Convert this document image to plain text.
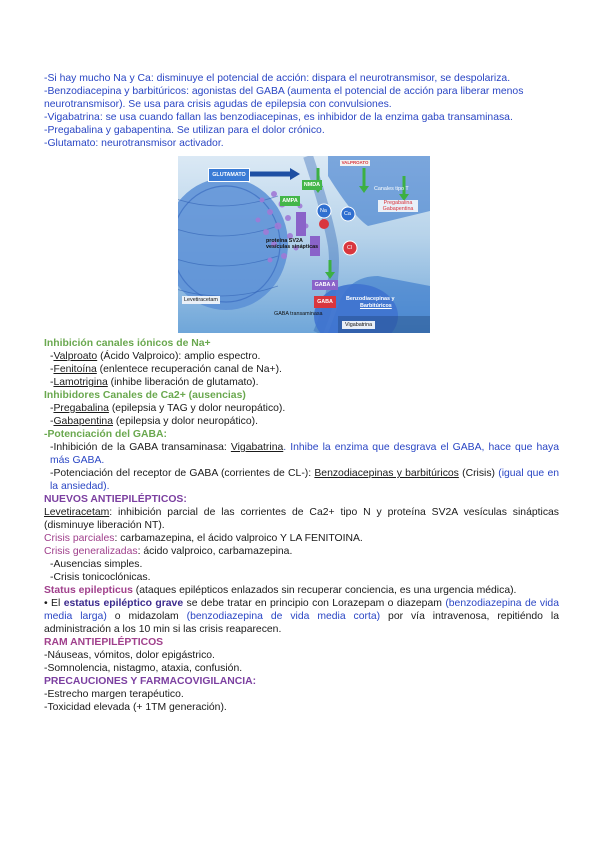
-Si hay mucho Na y Ca: disminuye el potencial de acción: dispara el neurotransmisor, se despolariza.
-Benzodiacepina y barbitúricos: agonistas del GABA (aumenta el potencial de acción para liberar menos
neurotransmisor). Se usa para crisis agudas de epilepsia con convulsiones.
-Vigabatrina: se usa cuando fallan las benzodiacepinas, es inhibidor de la enzima gaba transaminasa.
-Pregabalina y gabapentina. Se utilizan para el dolor crónico.
-Glutamato: neurotransmisor activador.
GLUTAMATO
NMDA
AMPA
Na	Ca
Cl
Canales tipo T
proteína SV2A vesículas sinápticas
GABA A
GABA	Benzodiacepinas y
Barbitúricos
Levetiracetam
GABA transaminasa
Vigabatrina
Pregabalina
Gabapentina
VALPROATO
Inhibición canales iónicos de Na+
-Valproato (Ácido Valproico): amplio espectro.
-Fenitoína (enlentece recuperación canal de Na+).
-Lamotrigina (inhibe liberación de glutamato).
Inhibidores Canales de Ca2+ (ausencias)
-Pregabalina (epilepsia y TAG y dolor neuropático).
-Gabapentina (epilepsia y dolor neuropático).
-Potenciación del GABA:
-Inhibición de la GABA transaminasa: Vigabatrina. Inhibe la enzima que desgrava el GABA, hace que haya más GABA.
-Potenciación del receptor de GABA (corrientes de CL-): Benzodiacepinas y barbitúricos (Crisis) (igual que en la ansiedad).
NUEVOS ANTIEPILÉPTICOS:
Levetiracetam: inhibición parcial de las corrientes de Ca2+ tipo N y proteína SV2A vesículas sinápticas (disminuye liberación NT).
Crisis parciales: carbamazepina, el ácido valproico Y LA FENITOINA.
Crisis generalizadas: ácido valproico, carbamazepina.
-Ausencias simples.
-Crisis tonicoclónicas.
Status epilepticus (ataques epilépticos enlazados sin recuperar conciencia, es una urgencia médica).
• El estatus epiléptico grave se debe tratar en principio con Lorazepam o diazepam (benzodiazepina de vida media larga) o midazolam (benzodiazepina de vida media corta) por vía intravenosa, repitiéndo la administración a los 10 min si las crisis reaparecen.
RAM ANTIEPILÉPTICOS
-Náuseas, vómitos, dolor epigástrico.
-Somnolencia, nistagmo, ataxia, confusión.
PRECAUCIONES Y FARMACOVIGILANCIA:
-Estrecho margen terapéutico.
-Toxicidad elevada (+ 1TM generación).
